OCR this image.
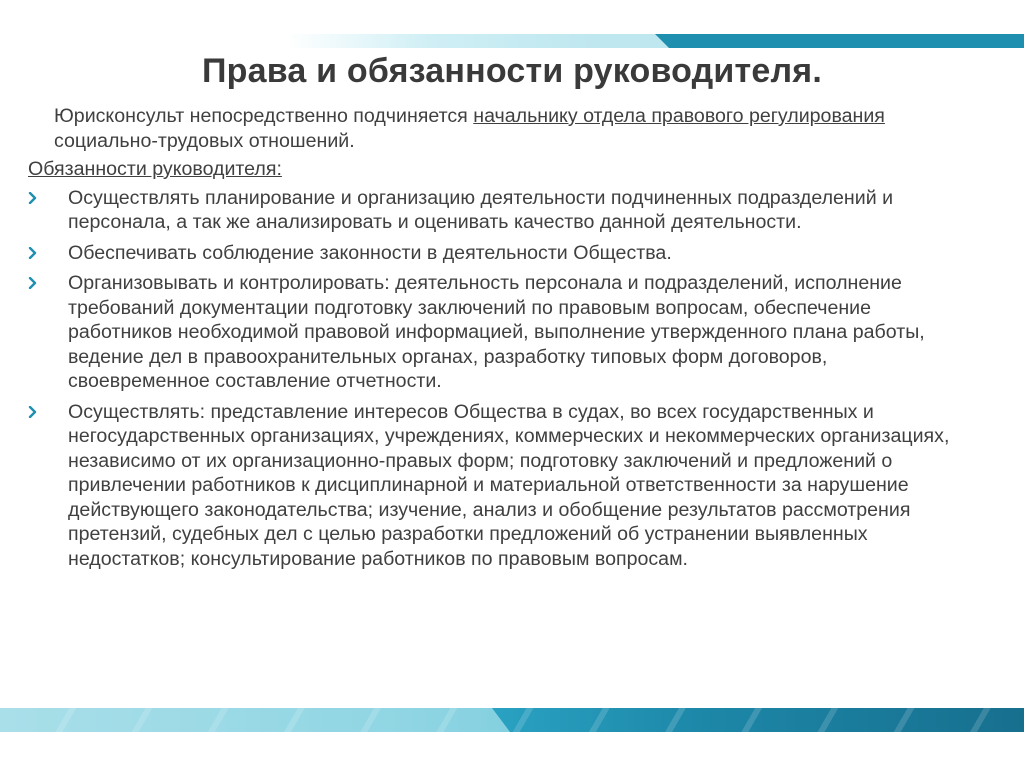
Права и обязанности руководителя.

Юрисконсульт непосредственно подчиняется начальнику отдела правового регулирования социально-трудовых отношений.

Обязанности руководителя:
Осуществлять планирование и организацию деятельности подчиненных подразделений и персонала, а так же анализировать и оценивать качество данной деятельности.
Обеспечивать соблюдение законности в деятельности Общества.
Организовывать и контролировать: деятельность персонала и подразделений, исполнение требований документации подготовку заключений по правовым вопросам, обеспечение работников необходимой правовой информацией, выполнение утвержденного плана работы, ведение дел в правоохранительных органах, разработку типовых форм договоров, своевременное составление отчетности.
Осуществлять: представление интересов Общества в судах, во всех государственных и негосударственных организациях, учреждениях, коммерческих и некоммерческих организациях, независимо от их организационно-правых форм; подготовку заключений и предложений о привлечении работников к дисциплинарной и материальной ответственности за нарушение действующего законодательства; изучение, анализ и обобщение результатов рассмотрения претензий, судебных дел с целью разработки предложений об устранении выявленных недостатков; консультирование работников по правовым вопросам.
